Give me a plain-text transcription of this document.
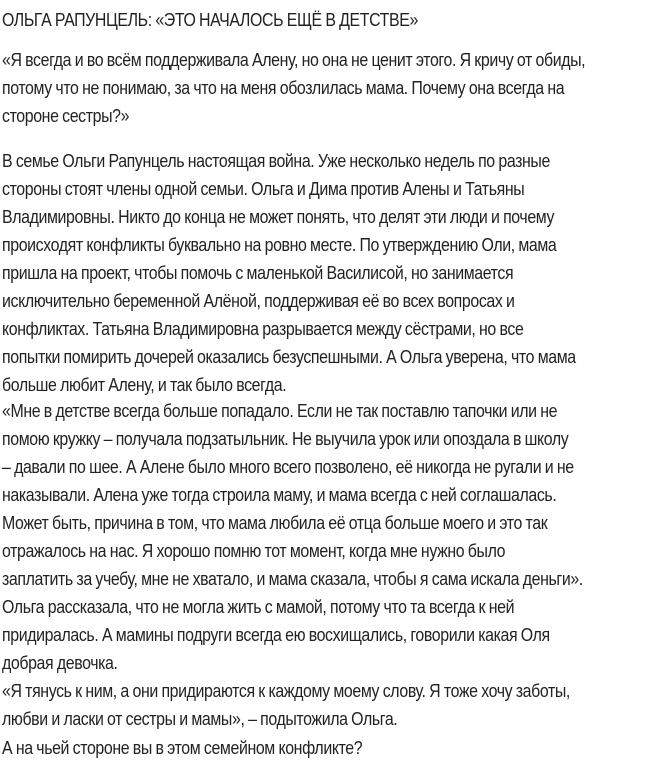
ОЛЬГА РАПУНЦЕЛЬ: «ЭТО НАЧАЛОСЬ ЕЩЁ В ДЕТСТВЕ»

«Я всегда и во всём поддерживала Алену, но она не ценит этого. Я кричу от обиды,
потому что не понимаю, за что на меня обозлилась мама. Почему она всегда на
стороне сестры?»

В семье Ольги Рапунцель настоящая война. Уже несколько недель по разные
стороны стоят члены одной семьи. Ольга и Дима против Алены и Татьяны
Владимировны. Никто до конца не может понять, что делят эти люди и почему
происходят конфликты буквально на ровно месте. По утверждению Оли, мама
пришла на проект, чтобы помочь с маленькой Василисой, но занимается
исключительно беременной Алёной, поддерживая её во всех вопросах и
конфликтах. Татьяна Владимировна разрывается между сёстрами, но все
попытки помирить дочерей оказались безуспешными. А Ольга уверена, что мама
больше любит Алену, и так было всегда.

«Мне в детстве всегда больше попадало. Если не так поставлю тапочки или не
помою кружку – получала подзатыльник. Не выучила урок или опоздала в школу
– давали по шее. А Алене было много всего позволено, её никогда не ругали и не
наказывали. Алена уже тогда строила маму, и мама всегда с ней соглашалась.
Может быть, причина в том, что мама любила её отца больше моего и это так
отражалось на нас. Я хорошо помню тот момент, когда мне нужно было
заплатить за учебу, мне не хватало, и мама сказала, чтобы я сама искала деньги».
Ольга рассказала, что не могла жить с мамой, потому что та всегда к ней
придиралась. А мамины подруги всегда ею восхищались, говорили какая Оля
добрая девочка.

«Я тянусь к ним, а они придираются к каждому моему слову. Я тоже хочу заботы,
любви и ласки от сестры и мамы», – подытожила Ольга.

А на чьей стороне вы в этом семейном конфликте?
